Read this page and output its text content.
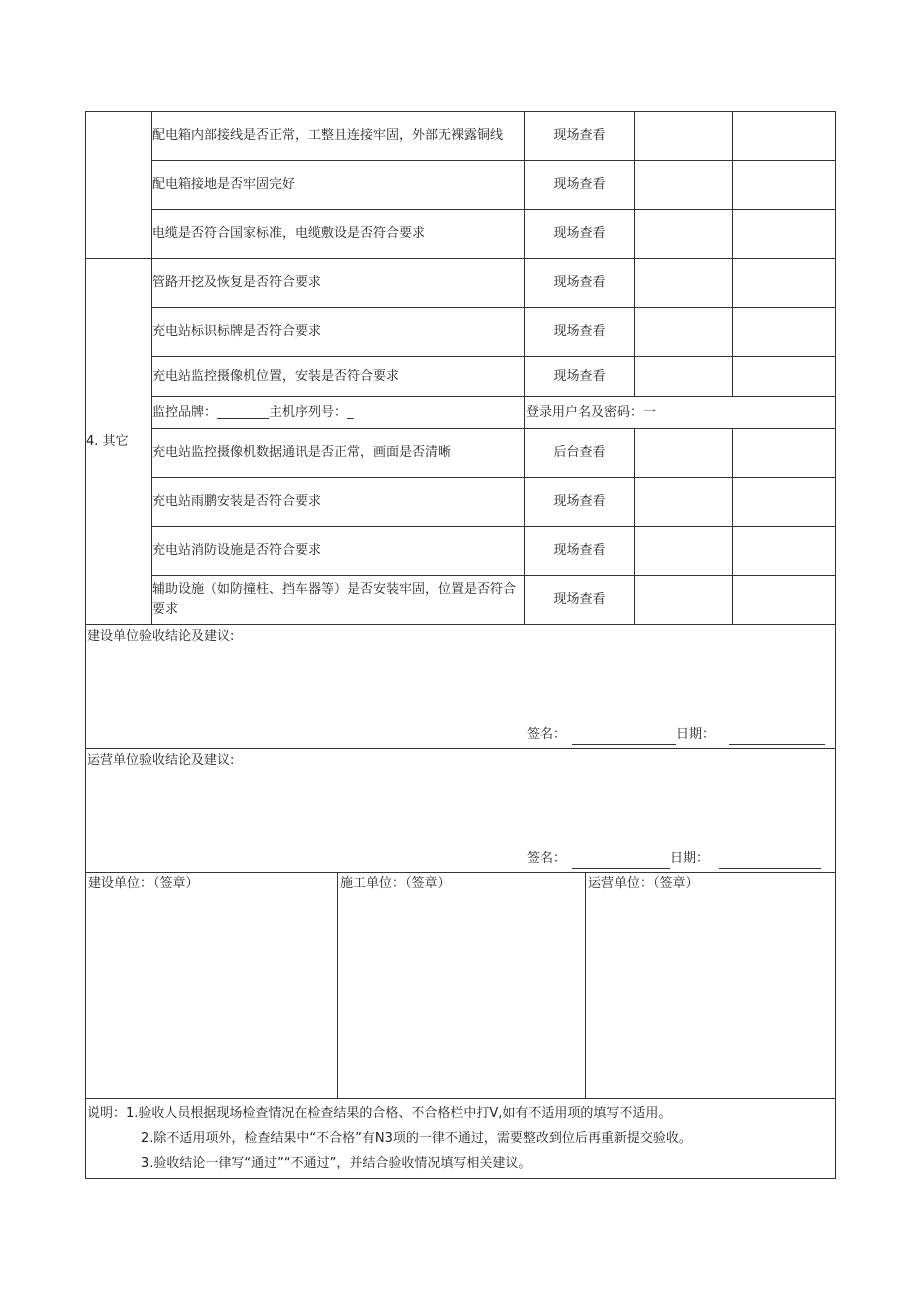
	配电箱内部接线是否正常，工整且连接牢固，外部无裸露铜线	现场查看		
	配电箱接地是否牢固完好	现场查看		
	电缆是否符合国家标准，电缆敷设是否符合要求	现场查看		
4. 其它	管路开挖及恢复是否符合要求	现场查看		
	充电站标识标牌是否符合要求	现场查看		
	充电站监控摄像机位置，安装是否符合要求	现场查看		
	监控品牌：________主机序列号：_	登录用户名及密码：一		
	充电站监控摄像机数据通讯是否正常，画面是否清晰	后台查看		
	充电站雨鹏安装是否符合要求	现场查看		
	充电站消防设施是否符合要求	现场查看		
	辅助设施（如防撞柱、挡车器等）是否安装牢固，位置是否符合要求	现场查看		

建设单位验收结论及建议:
签名： 日期：				

运营单位验收结论及建议:
签名： 日期：				

建设单位：（签章） 施工单位：（签章） 运营单位：（签章）				

说明：1.验收人员根据现场检查情况在检查结果的合格、不合格栏中打V,如有不适用项的填写不适用。
2.除不适用项外，检查结果中“不合格”有N3项的一律不通过，需要整改到位后再重新提交验收。
3.验收结论一律写“通过”“不通过”，并结合验收情况填写相关建议。				
